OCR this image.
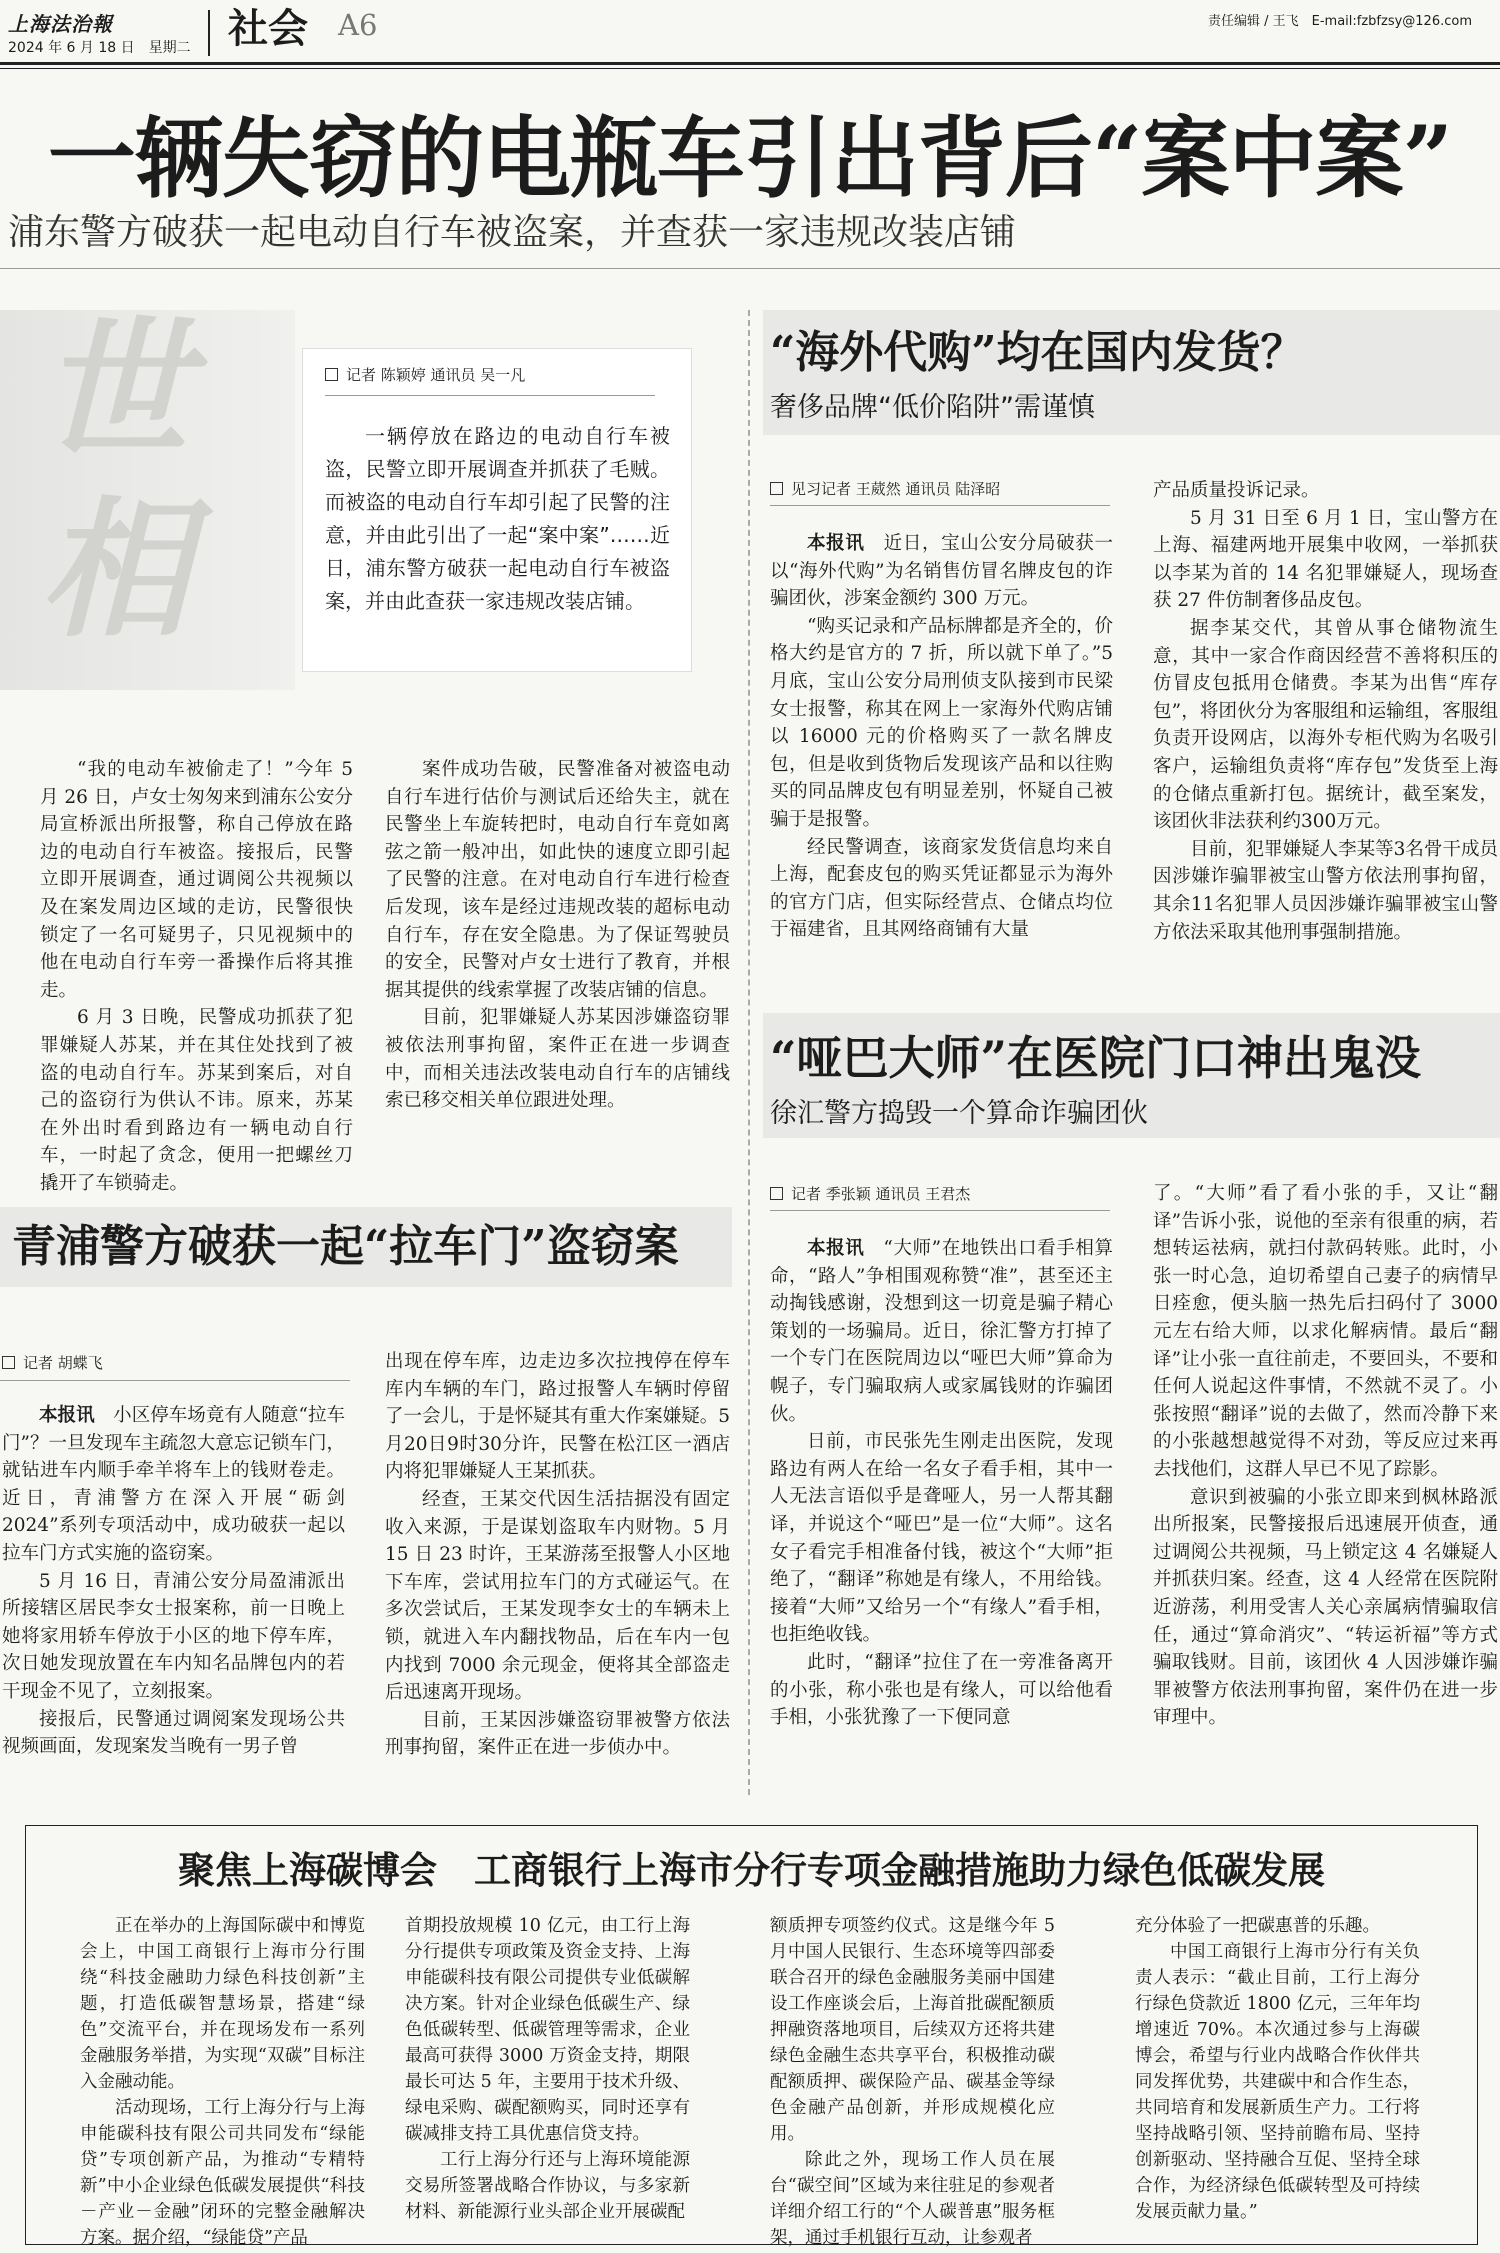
上海法治報
2024 年 6 月 18 日　星期二 社会 A6	责任编辑 / 王飞　E-mail:fzbfzsy@126.com
一辆失窃的电瓶车引出背后“案中案”
浦东警方破获一起电动自行车被盗案，并查获一家违规改装店铺
世相
记者 陈颖婷 通讯员 吴一凡

一辆停放在路边的电动自行车被盗，民警立即开展调查并抓获了毛贼。而被盗的电动自行车却引起了民警的注意，并由此引出了一起“案中案”……近日，浦东警方破获一起电动自行车被盗案，并由此查获一家违规改装店铺。

“我的电动车被偷走了！”今年 5 月 26 日，卢女士匆匆来到浦东公安分局宣桥派出所报警，称自己停放在路边的电动自行车被盗。接报后，民警立即开展调查，通过调阅公共视频以及在案发周边区域的走访，民警很快锁定了一名可疑男子，只见视频中的他在电动自行车旁一番操作后将其推走。

6 月 3 日晚，民警成功抓获了犯罪嫌疑人苏某，并在其住处找到了被盗的电动自行车。苏某到案后，对自己的盗窃行为供认不讳。原来，苏某在外出时看到路边有一辆电动自行车，一时起了贪念，便用一把螺丝刀撬开了车锁骑走。

案件成功告破，民警准备对被盗电动自行车进行估价与测试后还给失主，就在民警坐上车旋转把时，电动自行车竟如离弦之箭一般冲出，如此快的速度立即引起了民警的注意。在对电动自行车进行检查后发现，该车是经过违规改装的超标电动自行车，存在安全隐患。为了保证驾驶员的安全，民警对卢女士进行了教育，并根据其提供的线索掌握了改装店铺的信息。

目前，犯罪嫌疑人苏某因涉嫌盗窃罪被依法刑事拘留，案件正在进一步调查中，而相关违法改装电动自行车的店铺线索已移交相关单位跟进处理。

青浦警方破获一起“拉车门”盗窃案
记者 胡蝶飞

本报讯　 小区停车场竟有人随意“拉车门”？一旦发现车主疏忽大意忘记锁车门，就钻进车内顺手牵羊将车上的钱财卷走。近日，青浦警方在深入开展“砺剑 2024”系列专项活动中，成功破获一起以拉车门方式实施的盗窃案。

5 月 16 日，青浦公安分局盈浦派出所接辖区居民李女士报案称，前一日晚上她将家用轿车停放于小区的地下停车库，次日她发现放置在车内知名品牌包内的若干现金不见了，立刻报案。

接报后，民警通过调阅案发现场公共视频画面，发现案发当晚有一男子曾

出现在停车库，边走边多次拉拽停在停车库内车辆的车门，路过报警人车辆时停留了一会儿，于是怀疑其有重大作案嫌疑。5月20日9时30分许，民警在松江区一酒店内将犯罪嫌疑人王某抓获。

经查，王某交代因生活拮据没有固定收入来源，于是谋划盗取车内财物。5 月 15 日 23 时许，王某游荡至报警人小区地下车库，尝试用拉车门的方式碰运气。在多次尝试后，王某发现李女士的车辆未上锁，就进入车内翻找物品，后在车内一包内找到 7000 余元现金，便将其全部盗走后迅速离开现场。

目前，王某因涉嫌盗窃罪被警方依法刑事拘留，案件正在进一步侦办中。

“海外代购”均在国内发货？
奢侈品牌“低价陷阱”需谨慎
见习记者 王葳然 通讯员 陆泽昭

本报讯　 近日，宝山公安分局破获一以“海外代购”为名销售仿冒名牌皮包的诈骗团伙，涉案金额约 300 万元。

“购买记录和产品标牌都是齐全的，价格大约是官方的 7 折，所以就下单了。”5 月底，宝山公安分局刑侦支队接到市民梁女士报警，称其在网上一家海外代购店铺以 16000 元的价格购买了一款名牌皮包，但是收到货物后发现该产品和以往购买的同品牌皮包有明显差别，怀疑自己被骗于是报警。

经民警调查，该商家发货信息均来自上海，配套皮包的购买凭证都显示为海外的官方门店，但实际经营点、仓储点均位于福建省，且其网络商铺有大量

产品质量投诉记录。

5 月 31 日至 6 月 1 日，宝山警方在上海、福建两地开展集中收网，一举抓获以李某为首的 14 名犯罪嫌疑人，现场查获 27 件仿制奢侈品皮包。

据李某交代，其曾从事仓储物流生意，其中一家合作商因经营不善将积压的仿冒皮包抵用仓储费。李某为出售“库存包”，将团伙分为客服组和运输组，客服组负责开设网店，以海外专柜代购为名吸引客户，运输组负责将“库存包”发货至上海的仓储点重新打包。据统计，截至案发，该团伙非法获利约300万元。

目前，犯罪嫌疑人李某等3名骨干成员因涉嫌诈骗罪被宝山警方依法刑事拘留，其余11名犯罪人员因涉嫌诈骗罪被宝山警方依法采取其他刑事强制措施。

“哑巴大师”在医院门口神出鬼没
徐汇警方捣毁一个算命诈骗团伙
记者 季张颖 通讯员 王君杰

本报讯　 “大师”在地铁出口看手相算命，“路人”争相围观称赞“准”，甚至还主动掏钱感谢，没想到这一切竟是骗子精心策划的一场骗局。近日，徐汇警方打掉了一个专门在医院周边以“哑巴大师”算命为幌子，专门骗取病人或家属钱财的诈骗团伙。

日前，市民张先生刚走出医院，发现路边有两人在给一名女子看手相，其中一人无法言语似乎是聋哑人，另一人帮其翻译，并说这个“哑巴”是一位“大师”。这名女子看完手相准备付钱，被这个“大师”拒绝了，“翻译”称她是有缘人，不用给钱。接着“大师”又给另一个“有缘人”看手相，也拒绝收钱。

此时，“翻译”拉住了在一旁准备离开的小张，称小张也是有缘人，可以给他看手相，小张犹豫了一下便同意

了。“大师”看了看小张的手，又让“翻译”告诉小张，说他的至亲有很重的病，若想转运祛病，就扫付款码转账。此时，小张一时心急，迫切希望自己妻子的病情早日痊愈，便头脑一热先后扫码付了 3000 元左右给大师，以求化解病情。最后“翻译”让小张一直往前走，不要回头，不要和任何人说起这件事情，不然就不灵了。小张按照“翻译”说的去做了，然而冷静下来的小张越想越觉得不对劲，等反应过来再去找他们，这群人早已不见了踪影。

意识到被骗的小张立即来到枫林路派出所报案，民警接报后迅速展开侦查，通过调阅公共视频，马上锁定这 4 名嫌疑人并抓获归案。经查，这 4 人经常在医院附近游荡，利用受害人关心亲属病情骗取信任，通过“算命消灾”、“转运祈福”等方式骗取钱财。目前，该团伙 4 人因涉嫌诈骗罪被警方依法刑事拘留，案件仍在进一步审理中。

聚焦上海碳博会　工商银行上海市分行专项金融措施助力绿色低碳发展

正在举办的上海国际碳中和博览会上，中国工商银行上海市分行围绕“科技金融助力绿色科技创新”主题，打造低碳智慧场景，搭建“绿色”交流平台，并在现场发布一系列金融服务举措，为实现“双碳”目标注入金融动能。

活动现场，工行上海分行与上海申能碳科技有限公司共同发布“绿能贷”专项创新产品，为推动“专精特新”中小企业绿色低碳发展提供“科技－产业－金融”闭环的完整金融解决方案。据介绍，“绿能贷”产品

首期投放规模 10 亿元，由工行上海分行提供专项政策及资金支持、上海申能碳科技有限公司提供专业低碳解决方案。针对企业绿色低碳生产、绿色低碳转型、低碳管理等需求，企业最高可获得 3000 万资金支持，期限最长可达 5 年，主要用于技术升级、绿电采购、碳配额购买，同时还享有碳减排支持工具优惠信贷支持。

工行上海分行还与上海环境能源交易所签署战略合作协议，与多家新材料、新能源行业头部企业开展碳配

额质押专项签约仪式。这是继今年 5 月中国人民银行、生态环境等四部委联合召开的绿色金融服务美丽中国建设工作座谈会后，上海首批碳配额质押融资落地项目，后续双方还将共建绿色金融生态共享平台，积极推动碳配额质押、碳保险产品、碳基金等绿色金融产品创新，并形成规模化应用。

除此之外，现场工作人员在展台“碳空间”区域为来往驻足的参观者详细介绍工行的“个人碳普惠”服务框架，通过手机银行互动，让参观者

充分体验了一把碳惠普的乐趣。

中国工商银行上海市分行有关负责人表示：“截止目前，工行上海分行绿色贷款近 1800 亿元，三年年均增速近 70%。本次通过参与上海碳博会，希望与行业内战略合作伙伴共同发挥优势，共建碳中和合作生态，共同培育和发展新质生产力。工行将坚持战略引领、坚持前瞻布局、坚持创新驱动、坚持融合互促、坚持全球合作，为经济绿色低碳转型及可持续发展贡献力量。”
